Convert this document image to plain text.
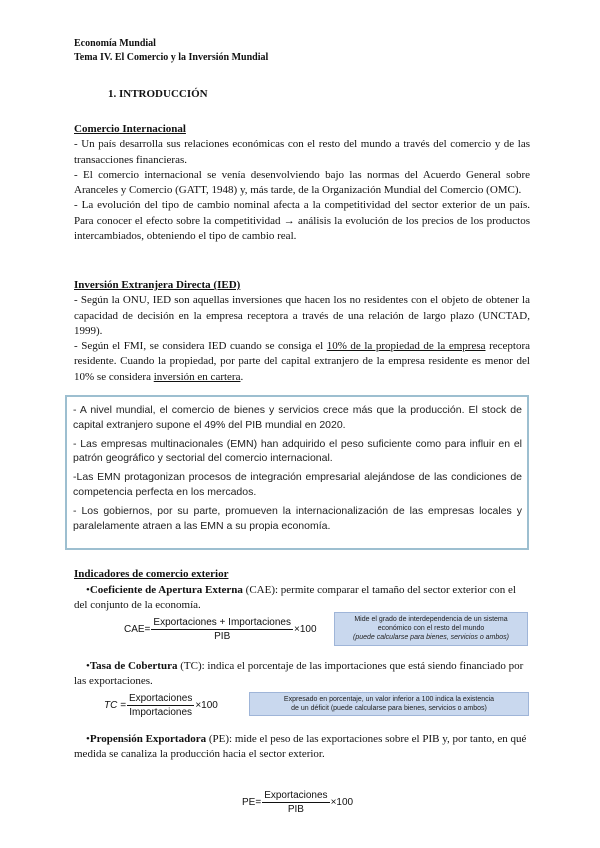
Economía Mundial
Tema IV. El Comercio y la Inversión Mundial
1. INTRODUCCIÓN

Comercio Internacional

- Un país desarrolla sus relaciones económicas con el resto del mundo a través del comercio y de las transacciones financieras.

- El comercio internacional se venía desenvolviendo bajo las normas del Acuerdo General sobre Aranceles y Comercio (GATT, 1948) y, más tarde, de la Organización Mundial del Comercio (OMC).

- La evolución del tipo de cambio nominal afecta a la competitividad del sector exterior de un país. Para conocer el efecto sobre la competitividad → análisis la evolución de los precios de los productos intercambiados, obteniendo el tipo de cambio real.

Inversión Extranjera Directa (IED)

- Según la ONU, IED son aquellas inversiones que hacen los no residentes con el objeto de obtener la capacidad de decisión en la empresa receptora a través de una relación de largo plazo (UNCTAD, 1999).

- Según el FMI, se considera IED cuando se consiga el 10% de la propiedad de la empresa receptora residente. Cuando la propiedad, por parte del capital extranjero de la empresa residente es menor del 10% se considera inversión en cartera.

- A nivel mundial, el comercio de bienes y servicios crece más que la producción. El stock de capital extranjero supone el 49% del PIB mundial en 2020.

- Las empresas multinacionales (EMN) han adquirido el peso suficiente como para influir en el patrón geográfico y sectorial del comercio internacional.

-Las EMN protagonizan procesos de integración empresarial alejándose de las condiciones de competencia perfecta en los mercados.

- Los gobiernos, por su parte, promueven la internacionalización de las empresas locales y paralelamente atraen a las EMN a su propia economía.

Indicadores de comercio exterior

•Coeficiente de Apertura Externa (CAE): permite comparar el tamaño del sector exterior con el del conjunto de la economía.
$CAE= \frac{\text{Exportaciones + Importaciones}}{\text{PIB}} \times 100$
Mide el grado de interdependencia de un sistema
económico con el resto del mundo
(puede calcularse para bienes, servicios o ambos)
•Tasa de Cobertura (TC): indica el porcentaje de las importaciones que está siendo financiado por las exportaciones.
TC = $\frac{\text{Exportaciones}}{\text{Importaciones}} \times 100$
Expresado en porcentaje, un valor inferior a 100 indica la existencia
de un déficit (puede calcularse para bienes, servicios o ambos)
•Propensión Exportadora (PE): mide el peso de las exportaciones sobre el PIB y, por tanto, en qué medida se canaliza la producción hacia el sector exterior.
$PE= \frac{\text{Exportaciones}}{\text{PIB}} \times 100$
